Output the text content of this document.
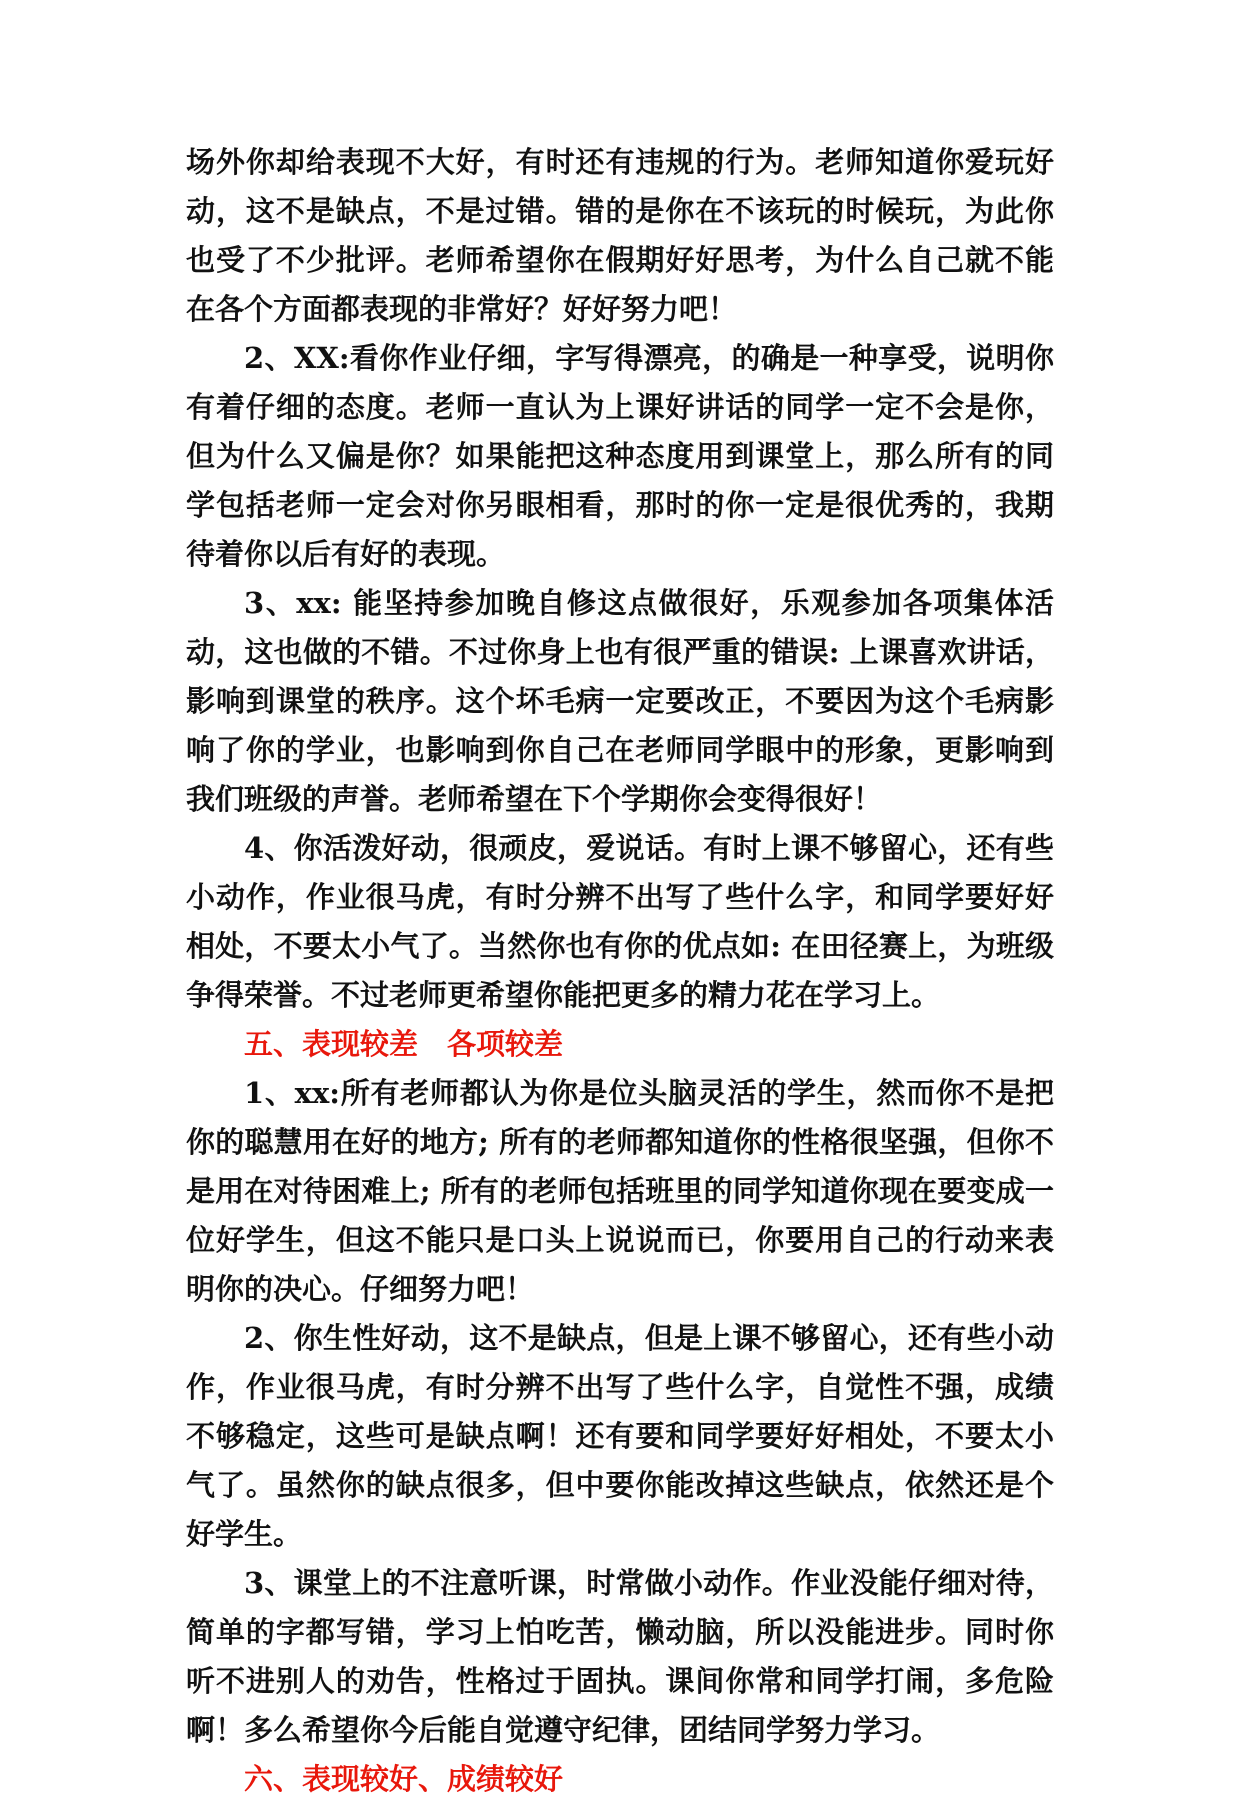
场外你却给表现不大好，有时还有违规的行为。老师知道你爱玩好动，这不是缺点，不是过错。错的是你在不该玩的时候玩，为此你也受了不少批评。老师希望你在假期好好思考，为什么自己就不能在各个方面都表现的非常好？好好努力吧！

2、XX:看你作业仔细，字写得漂亮，的确是一种享受，说明你有着仔细的态度。老师一直认为上课好讲话的同学一定不会是你，但为什么又偏是你？如果能把这种态度用到课堂上，那么所有的同学包括老师一定会对你另眼相看，那时的你一定是很优秀的，我期待着你以后有好的表现。

3、xx: 能坚持参加晚自修这点做很好，乐观参加各项集体活动，这也做的不错。不过你身上也有很严重的错误: 上课喜欢讲话，影响到课堂的秩序。这个坏毛病一定要改正，不要因为这个毛病影响了你的学业，也影响到你自己在老师同学眼中的形象，更影响到我们班级的声誉。老师希望在下个学期你会变得很好！

4、你活泼好动，很顽皮，爱说话。有时上课不够留心，还有些小动作，作业很马虎，有时分辨不出写了些什么字，和同学要好好相处，不要太小气了。当然你也有你的优点如: 在田径赛上，为班级争得荣誉。不过老师更希望你能把更多的精力花在学习上。

五、表现较差　各项较差

1、xx:所有老师都认为你是位头脑灵活的学生，然而你不是把你的聪慧用在好的地方; 所有的老师都知道你的性格很坚强，但你不是用在对待困难上; 所有的老师包括班里的同学知道你现在要变成一位好学生，但这不能只是口头上说说而已，你要用自己的行动来表明你的决心。仔细努力吧！

2、你生性好动，这不是缺点，但是上课不够留心，还有些小动作，作业很马虎，有时分辨不出写了些什么字，自觉性不强，成绩不够稳定，这些可是缺点啊！还有要和同学要好好相处，不要太小气了。虽然你的缺点很多，但中要你能改掉这些缺点，依然还是个好学生。

3、课堂上的不注意听课，时常做小动作。作业没能仔细对待，简单的字都写错，学习上怕吃苦，懒动脑，所以没能进步。同时你听不进别人的劝告，性格过于固执。课间你常和同学打闹，多危险啊！多么希望你今后能自觉遵守纪律，团结同学努力学习。

六、表现较好、成绩较好
